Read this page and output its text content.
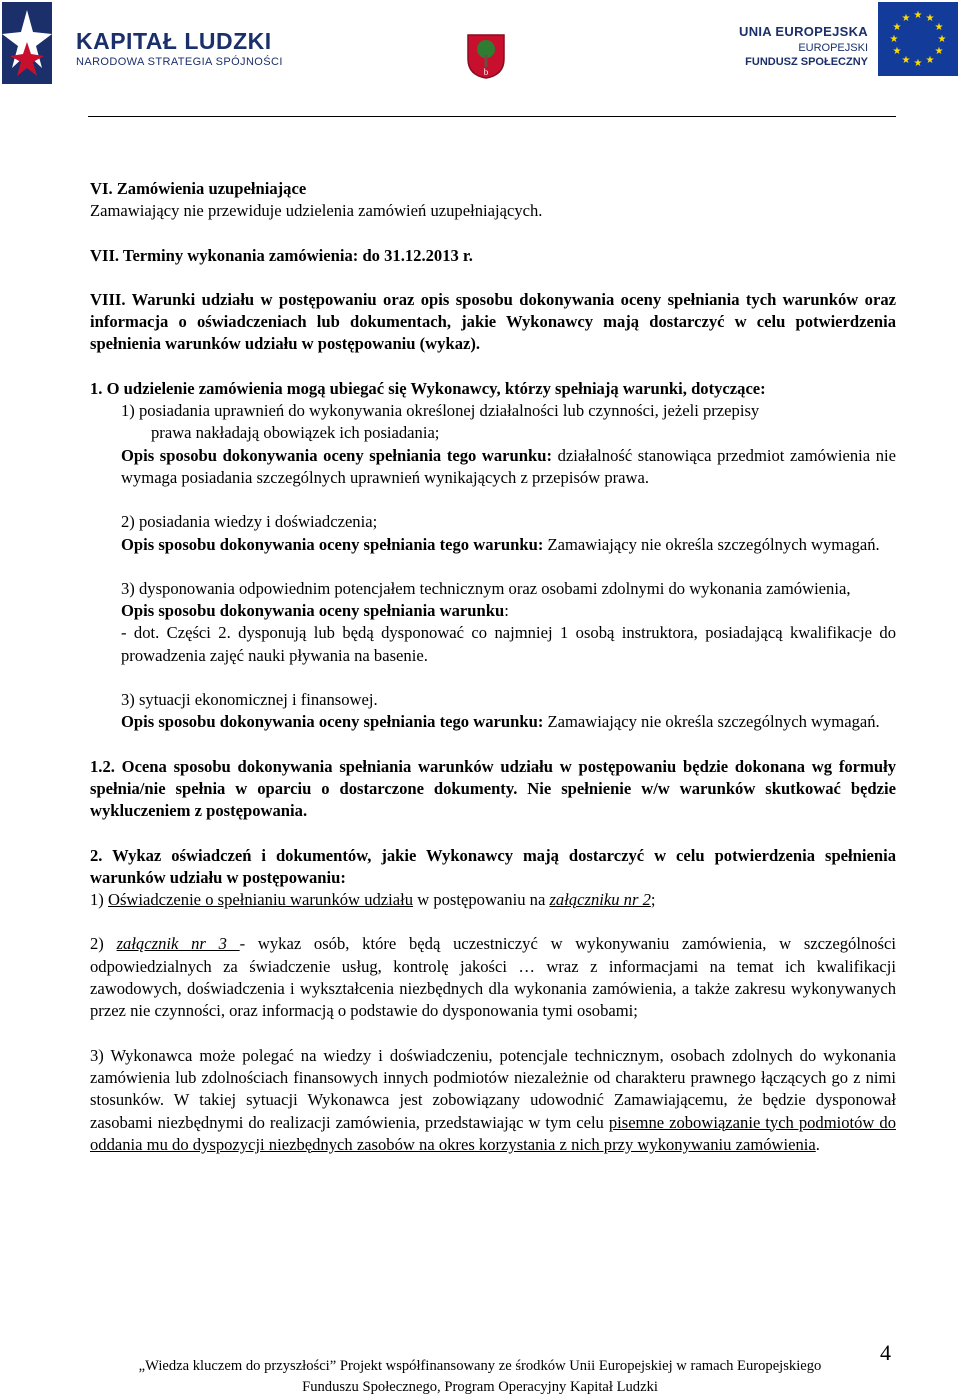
KAPITAŁ LUDZKI
NARODOWA STRATEGIA SPÓJNOŚCI
b
UNIA EUROPEJSKA
EUROPEJSKI
FUNDUSZ SPOŁECZNY
★ ★
★
★
★
★
★
★
★
★
★
★

VI. Zamówienia uzupełniające

Zamawiający nie przewiduje udzielenia zamówień uzupełniających.

VII. Terminy wykonania zamówienia: do 31.12.2013 r.

VIII. Warunki udziału w postępowaniu oraz opis sposobu dokonywania oceny spełniania tych warunków oraz informacja o oświadczeniach lub dokumentach, jakie Wykonawcy mają dostarczyć w celu potwierdzenia spełnienia warunków udziału w postępowaniu (wykaz).

1. O udzielenie zamówienia mogą ubiegać się Wykonawcy, którzy spełniają warunki, dotyczące:

1) posiadania uprawnień do wykonywania określonej działalności lub czynności, jeżeli przepisy

prawa nakładają obowiązek ich posiadania;

Opis sposobu dokonywania oceny spełniania tego warunku: działalność stanowiąca przedmiot zamówienia nie wymaga posiadania szczególnych uprawnień wynikających z przepisów prawa.

2) posiadania wiedzy i doświadczenia;

Opis sposobu dokonywania oceny spełniania tego warunku: Zamawiający nie określa szczególnych wymagań.

3) dysponowania odpowiednim potencjałem technicznym oraz osobami zdolnymi do wykonania zamówienia,

Opis sposobu dokonywania oceny spełniania warunku:

- dot. Części 2. dysponują lub będą dysponować co najmniej 1 osobą instruktora, posiadającą kwalifikacje do prowadzenia zajęć nauki pływania na basenie.

3) sytuacji ekonomicznej i finansowej.

Opis sposobu dokonywania oceny spełniania tego warunku: Zamawiający nie określa szczególnych wymagań.

1.2. Ocena sposobu dokonywania spełniania warunków udziału w postępowaniu będzie dokonana wg formuły spełnia/nie spełnia w oparciu o dostarczone dokumenty. Nie spełnienie w/w warunków skutkować będzie wykluczeniem z postępowania.

2. Wykaz oświadczeń i dokumentów, jakie Wykonawcy mają dostarczyć w celu potwierdzenia spełnienia warunków udziału w postępowaniu:

1) Oświadczenie o spełnianiu warunków udziału w postępowaniu na załączniku nr 2;

2) załącznik nr 3 - wykaz osób, które będą uczestniczyć w wykonywaniu zamówienia, w szczególności odpowiedzialnych za świadczenie usług, kontrolę jakości … wraz z informacjami na temat ich kwalifikacji zawodowych, doświadczenia i wykształcenia niezbędnych dla wykonania zamówienia, a także zakresu wykonywanych przez nie czynności, oraz informacją o podstawie do dysponowania tymi osobami;

3) Wykonawca może polegać na wiedzy i doświadczeniu, potencjale technicznym, osobach zdolnych do wykonania zamówienia lub zdolnościach finansowych innych podmiotów niezależnie od charakteru prawnego łączących go z nimi stosunków. W takiej sytuacji Wykonawca jest zobowiązany udowodnić Zamawiającemu, że będzie dysponował zasobami niezbędnymi do realizacji zamówienia, przedstawiając w tym celu pisemne zobowiązanie tych podmiotów do oddania mu do dyspozycji niezbędnych zasobów na okres korzystania z nich przy wykonywaniu zamówienia.

4
„Wiedza kluczem do przyszłości” Projekt współfinansowany ze środków Unii Europejskiej w ramach Europejskiego
Funduszu Społecznego, Program Operacyjny Kapitał Ludzki
